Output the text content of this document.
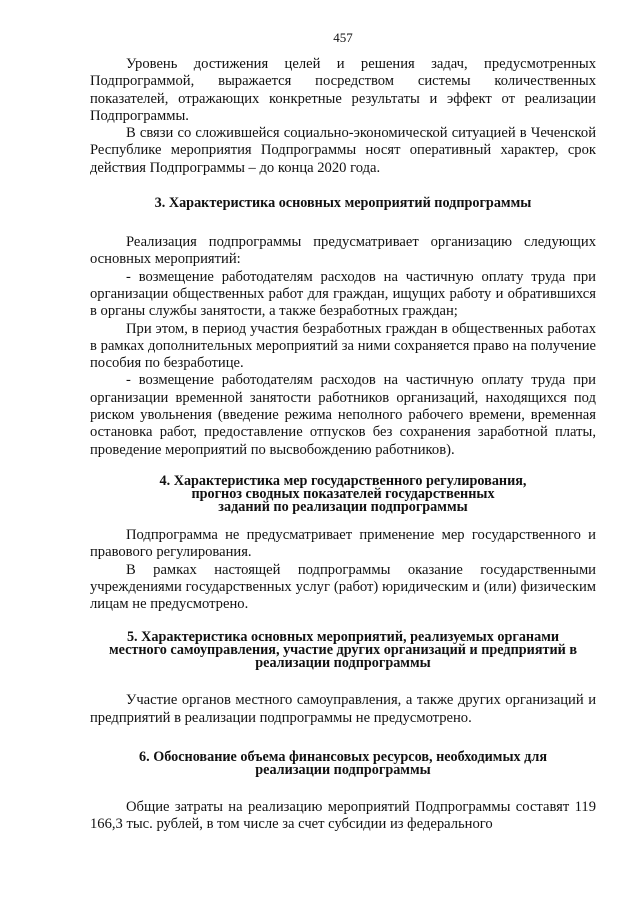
457

Уровень достижения целей и решения задач, предусмотренных Подпрограммой, выражается посредством системы количественных показателей, отражающих конкретные результаты и эффект от реализации Подпрограммы.

В связи со сложившейся социально-экономической ситуацией в Чеченской Республике мероприятия Подпрограммы носят оперативный характер, срок действия Подпрограммы – до конца 2020 года.

3. Характеристика основных мероприятий подпрограммы

Реализация подпрограммы предусматривает организацию следующих основных мероприятий:

- возмещение работодателям расходов на частичную оплату труда при организации общественных работ для граждан, ищущих работу и обратившихся в органы службы занятости, а также безработных граждан;

При этом, в период участия безработных граждан в общественных работах в рамках дополнительных мероприятий за ними сохраняется право на получение пособия по безработице.

- возмещение работодателям расходов на частичную оплату труда при организации временной занятости работников организаций, находящихся под риском увольнения (введение режима неполного рабочего времени, временная остановка работ, предоставление отпусков без сохранения заработной платы, проведение мероприятий по высвобождению работников).

4. Характеристика мер государственного регулирования,
прогноз сводных показателей государственных
заданий по реализации подпрограммы

Подпрограмма не предусматривает применение мер государственного и правового регулирования.

В рамках настоящей подпрограммы оказание государственными учреждениями государственных услуг (работ) юридическим и (или) физическим лицам не предусмотрено.

5. Характеристика основных мероприятий, реализуемых органами
местного самоуправления, участие других организаций и предприятий в
реализации подпрограммы

Участие органов местного самоуправления, а также других организаций и предприятий в реализации подпрограммы не предусмотрено.

6. Обоснование объема финансовых ресурсов, необходимых для
реализации подпрограммы

Общие затраты на реализацию мероприятий Подпрограммы составят 119 166,3 тыс. рублей, в том числе за счет субсидии из федерального
